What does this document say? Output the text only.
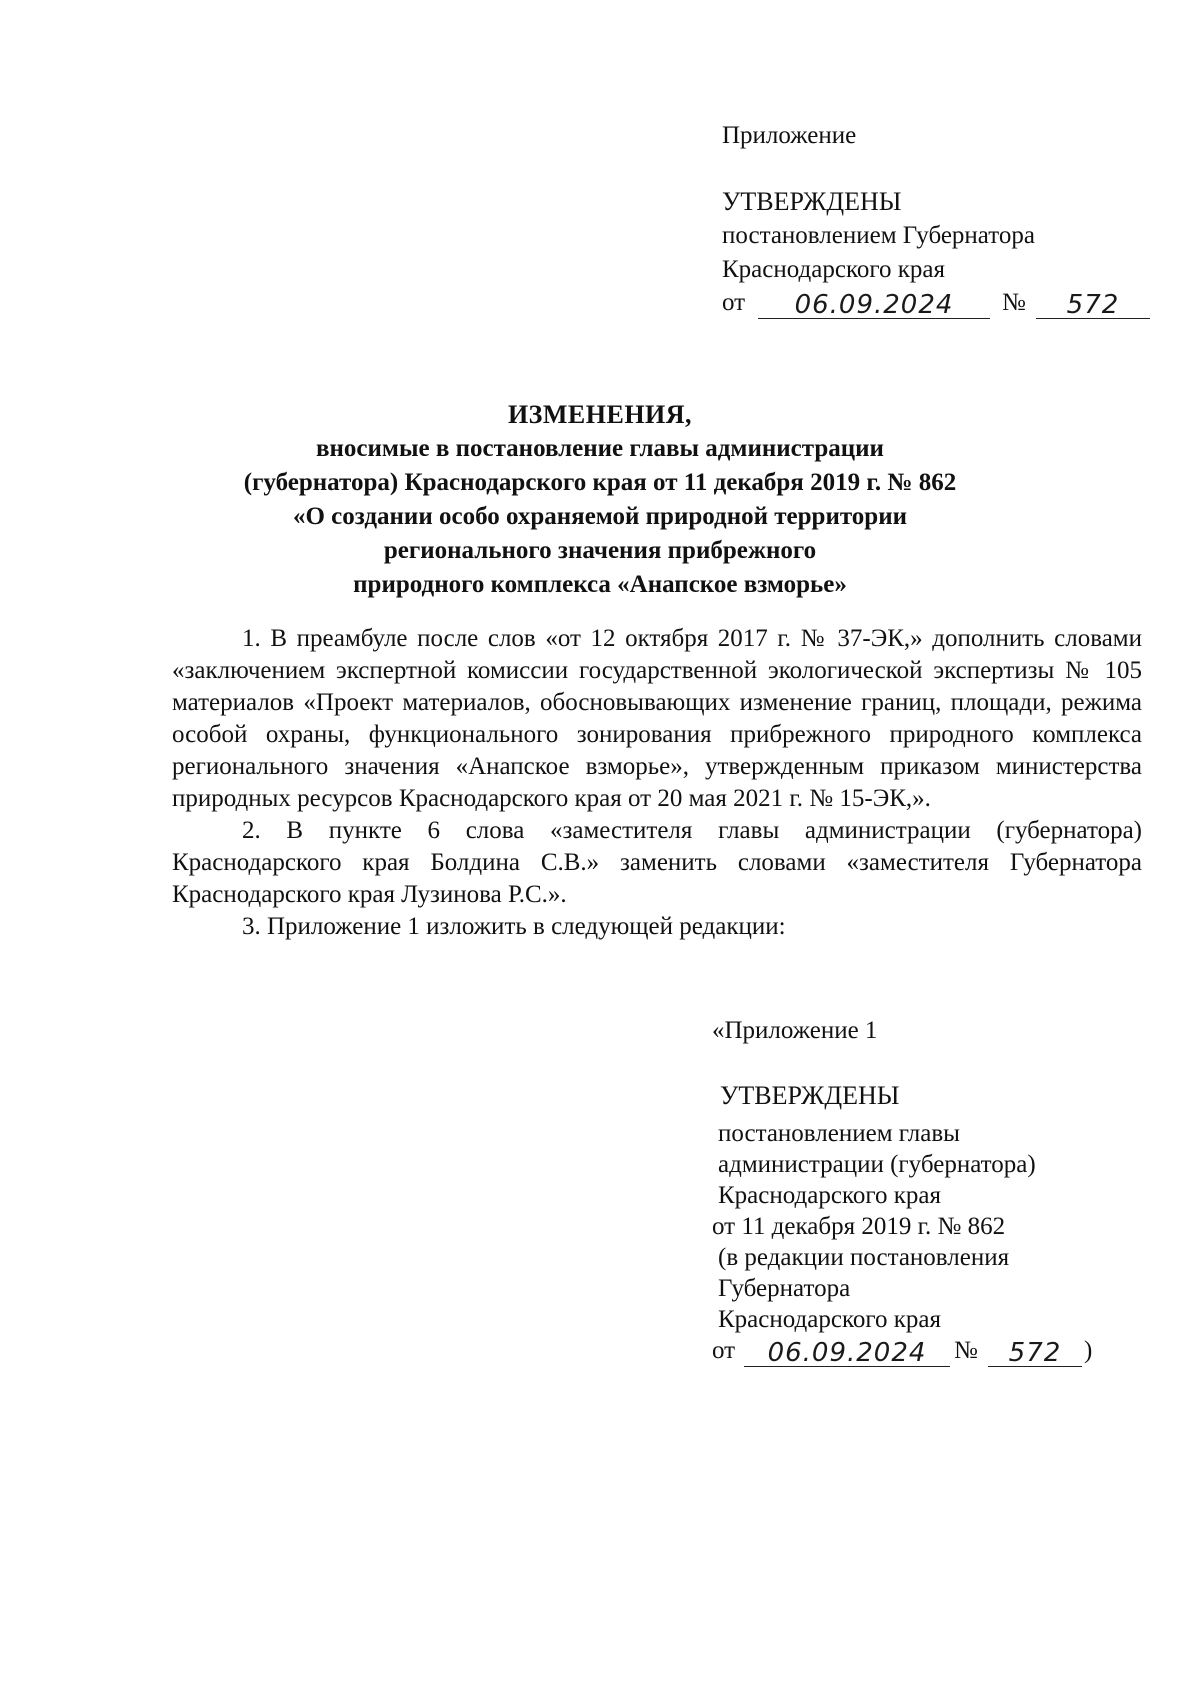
Приложение
УТВЕРЖДЕНЫ
постановлением Губернатора
Краснодарского края
от	06.09.2024	№	572
ИЗМЕНЕНИЯ,
вносимые в постановление главы администрации
(губернатора) Краснодарского края от 11 декабря 2019 г. № 862
«О создании особо охраняемой природной территории
регионального значения прибрежного
природного комплекса «Анапское взморье»

1. В преамбуле после слов «от 12 октября 2017 г. № 37-ЭК,» дополнить словами «заключением экспертной комиссии государственной экологической экспертизы № 105 материалов «Проект материалов, обосновывающих изменение границ, площади, режима особой охраны, функционального зонирования прибрежного природного комплекса регионального значения «Анапское взморье», утвержденным приказом министерства природных ресурсов Краснодарского края от 20 мая 2021 г. № 15-ЭК,».

2. В пункте 6 слова «заместителя главы администрации (губернатора) Краснодарского края Болдина С.В.» заменить словами «заместителя Губернатора Краснодарского края Лузинова Р.С.».

3. Приложение 1 изложить в следующей редакции:

«Приложение 1
УТВЕРЖДЕНЫ
постановлением главы
администрации (губернатора)
Краснодарского края
от 11 декабря 2019 г. № 862
(в редакции постановления
Губернатора
Краснодарского края
от	06.09.2024	№	572 )
